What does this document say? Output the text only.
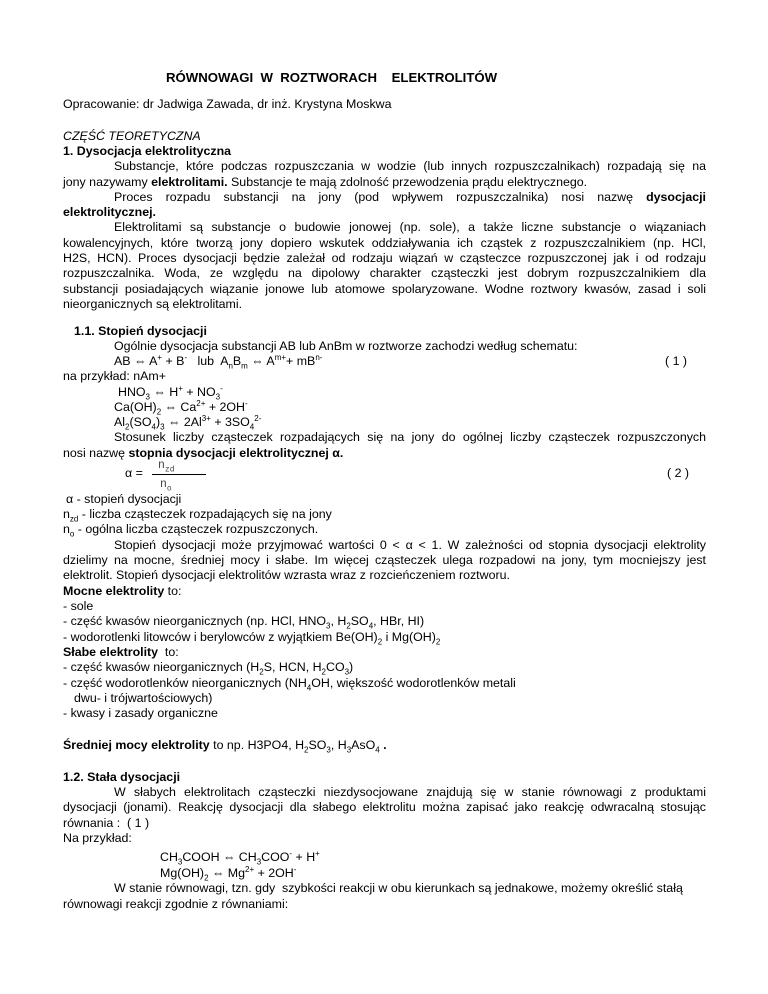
RÓWNOWAGI  W  ROZTWORACH    ELEKTROLITÓW
Opracowanie: dr Jadwiga Zawada, dr inż. Krystyna Moskwa
CZĘŚĆ TEORETYCZNA
1. Dysocjacja elektrolityczna
Substancje, które podczas rozpuszczania w wodzie (lub innych rozpuszczalnikach) rozpadają się na
jony nazywamy elektrolitami. Substancje te mają zdolność przewodzenia prądu elektrycznego.
Proces rozpadu substancji na jony (pod wpływem rozpuszczalnika) nosi nazwę dysocjacji
elektrolitycznej.
Elektrolitami są substancje o budowie jonowej (np. sole), a także liczne substancje o wiązaniach
kowalencyjnych, które tworzą jony dopiero wskutek oddziaływania ich cząstek z rozpuszczalnikiem (np. HCl,
H2S, HCN). Proces dysocjacji będzie zależał od rodzaju wiązań w cząsteczce rozpuszczonej jak i od rodzaju
rozpuszczalnika. Woda, ze względu na dipolowy charakter cząsteczki jest dobrym rozpuszczalnikiem dla
substancji posiadających wiązanie jonowe lub atomowe spolaryzowane. Wodne roztwory kwasów, zasad i soli
nieorganicznych są elektrolitami.
1.1. Stopień dysocjacji
Ogólnie dysocjacja substancji AB lub AnBm w roztworze zachodzi według schematu:
AB ⇔ A+ + B-   lub  $A_nB_m$ ⇔ $A^{m+}+ mB^{n-}$	( 1 )
na przykład: nAm+
$HNO_3$ ⇔ $H^+ + NO_3^-$
$Ca(OH)_2$ ⇔ $Ca^{2+} + 2OH^-$
$Al_2(SO_4)_3$ ⇔ $2Al^{3+} + 3SO_4^{2-}$
Stosunek liczby cząsteczek rozpadających się na jony do ogólnej liczby cząsteczek rozpuszczonych
nosi nazwę stopnia dysocjacji elektrolitycznej α.
α =
$n_{zd}$
$n_o$
( 2 )
α - stopień dysocjacji
$n_{zd}$ - liczba cząsteczek rozpadających się na jony
$n_o$ - ogólna liczba cząsteczek rozpuszczonych.
Stopień dysocjacji może przyjmować wartości 0 < α < 1. W zależności od stopnia dysocjacji elektrolity
dzielimy na mocne, średniej mocy i słabe. Im więcej cząsteczek ulega rozpadowi na jony, tym mocniejszy jest
elektrolit. Stopień dysocjacji elektrolitów wzrasta wraz z rozcieńczeniem roztworu.
Mocne elektrolity to:
- sole
- część kwasów nieorganicznych (np. HCl, $HNO_3$, $H_2SO_4$, HBr, HI)
- wodorotlenki litowców i berylowców z wyjątkiem $Be(OH)_2$ i $Mg(OH)_2$
Słabe elektrolity  to:
- część kwasów nieorganicznych ($H_2S$, HCN, $H_2CO_3$)
- część wodorotlenków nieorganicznych ($NH_4OH$, większość wodorotlenków metali
dwu- i trójwartościowych)
- kwasy i zasady organiczne
Średniej mocy elektrolity to np. H3PO4, $H_2SO_3$, $H_3AsO_4$ .
1.2. Stała dysocjacji
W słabych elektrolitach cząsteczki niezdysocjowane znajdują się w stanie równowagi z produktami
dysocjacji (jonami). Reakcję dysocjacji dla słabego elektrolitu można zapisać jako reakcję odwracalną stosując
równania :  ( 1 )
Na przykład:
$CH_3COOH$ ⇔ $CH_3COO^- + H^+$
$Mg(OH)_2$ ⇔ $Mg^{2+} + 2OH^-$
W stanie równowagi, tzn. gdy  szybkości reakcji w obu kierunkach są jednakowe, możemy określić stałą
równowagi reakcji zgodnie z równaniami:
